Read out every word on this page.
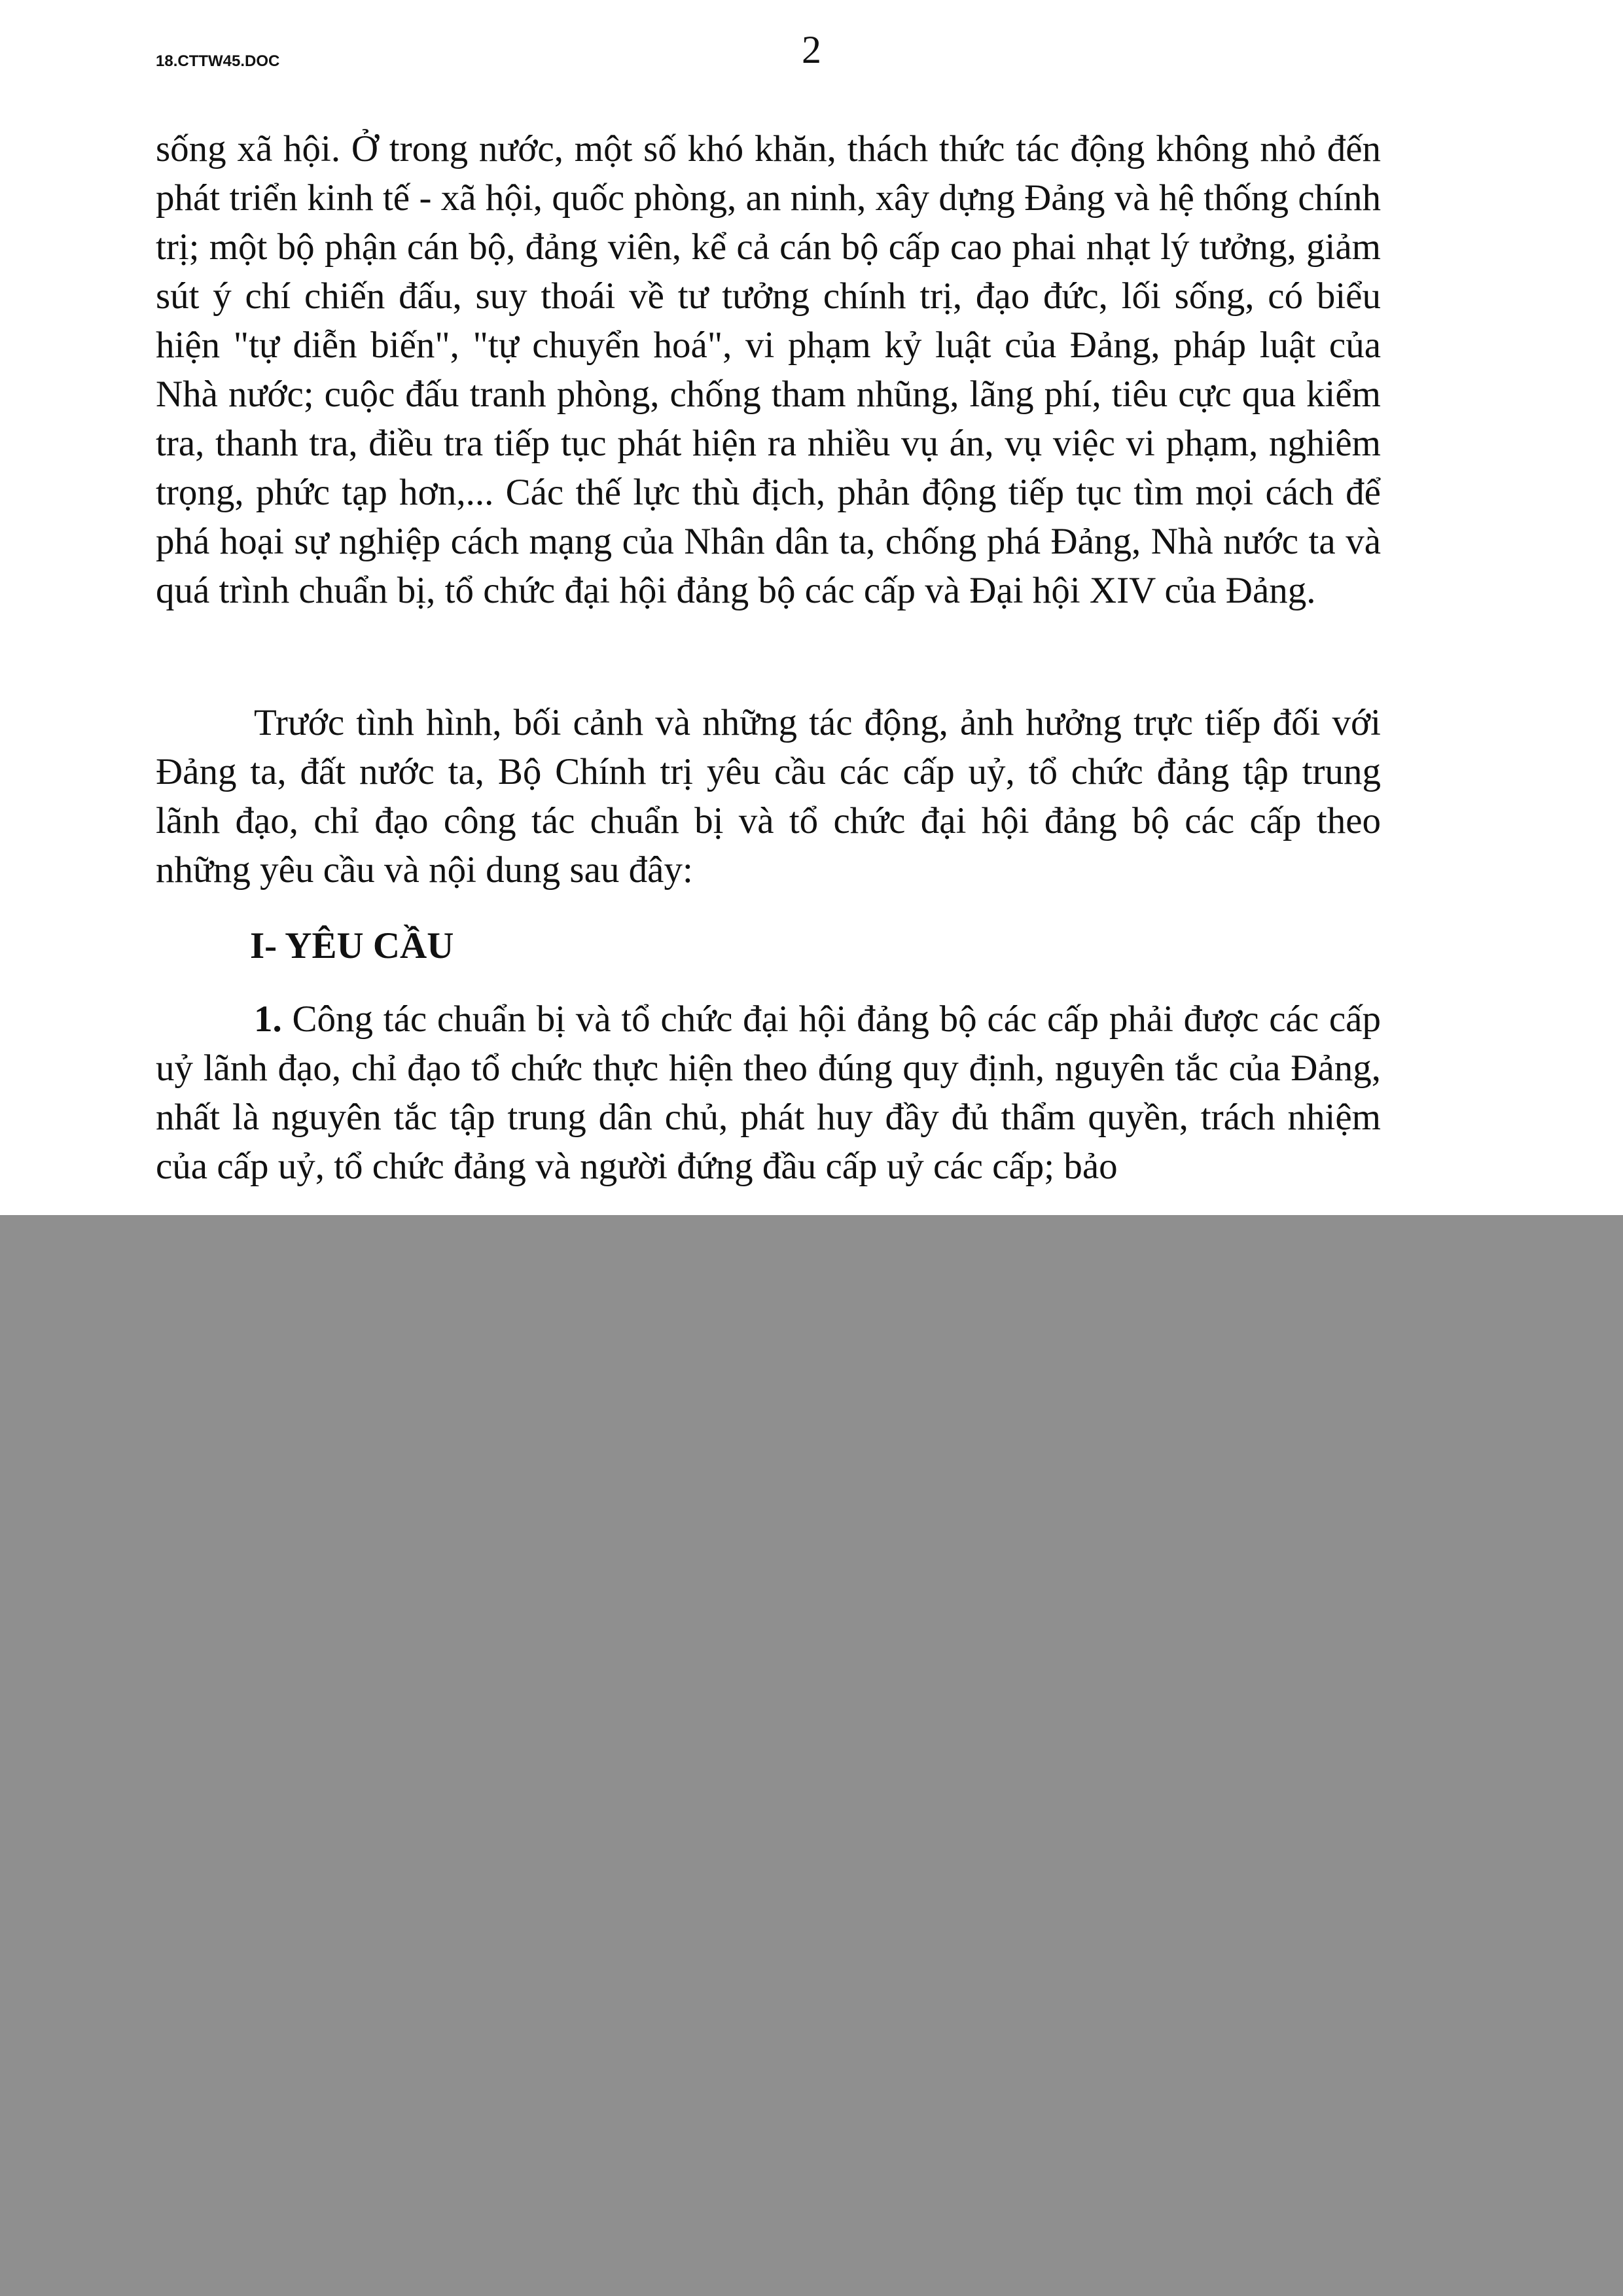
18.CTTW45.DOC	2

sống xã hội. Ở trong nước, một số khó khăn, thách thức tác động không nhỏ đến phát triển kinh tế - xã hội, quốc phòng, an ninh, xây dựng Đảng và hệ thống chính trị; một bộ phận cán bộ, đảng viên, kể cả cán bộ cấp cao phai nhạt lý tưởng, giảm sút ý chí chiến đấu, suy thoái về tư tưởng chính trị, đạo đức, lối sống, có biểu hiện "tự diễn biến", "tự chuyển hoá", vi phạm kỷ luật của Đảng, pháp luật của Nhà nước; cuộc đấu tranh phòng, chống tham nhũng, lãng phí, tiêu cực qua kiểm tra, thanh tra, điều tra tiếp tục phát hiện ra nhiều vụ án, vụ việc vi phạm, nghiêm trọng, phức tạp hơn,... Các thế lực thù địch, phản động tiếp tục tìm mọi cách để phá hoại sự nghiệp cách mạng của Nhân dân ta, chống phá Đảng, Nhà nước ta và quá trình chuẩn bị, tổ chức đại hội đảng bộ các cấp và Đại hội XIV của Đảng.

Trước tình hình, bối cảnh và những tác động, ảnh hưởng trực tiếp đối với Đảng ta, đất nước ta, Bộ Chính trị yêu cầu các cấp uỷ, tổ chức đảng tập trung lãnh đạo, chỉ đạo công tác chuẩn bị và tổ chức đại hội đảng bộ các cấp theo những yêu cầu và nội dung sau đây:

I- YÊU CẦU

1. Công tác chuẩn bị và tổ chức đại hội đảng bộ các cấp phải được các cấp uỷ lãnh đạo, chỉ đạo tổ chức thực hiện theo đúng quy định, nguyên tắc của Đảng, nhất là nguyên tắc tập trung dân chủ, phát huy đầy đủ thẩm quyền, trách nhiệm của cấp uỷ, tổ chức đảng và người đứng đầu cấp uỷ các cấp; bảo
